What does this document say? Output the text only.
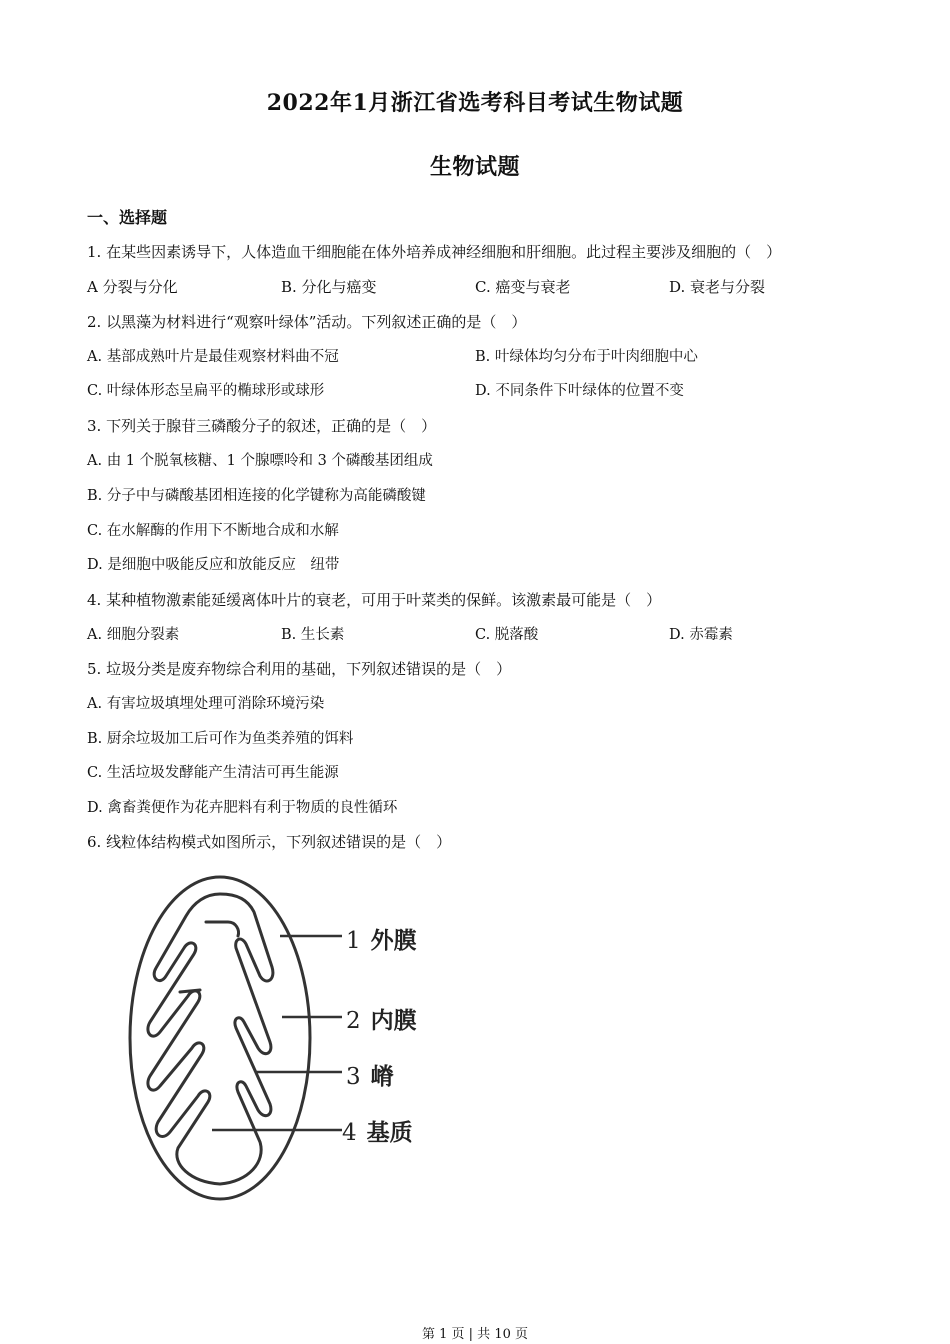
2022年1月浙江省选考科目考试生物试题
生物试题
一、选择题
1. 在某些因素诱导下，人体造血干细胞能在体外培养成神经细胞和肝细胞。此过程主要涉及细胞的（　）
A 分裂与分化	B. 分化与癌变	C. 癌变与衰老	D. 衰老与分裂
2. 以黑藻为材料进行“观察叶绿体”活动。下列叙述正确的是（　）
A. 基部成熟叶片是最佳观察材料曲不冠	B. 叶绿体均匀分布于叶肉细胞中心
C. 叶绿体形态呈扁平的椭球形或球形	D. 不同条件下叶绿体的位置不变
3. 下列关于腺苷三磷酸分子的叙述，正确的是（　）
A. 由 1 个脱氧核糖、1 个腺嘌呤和 3 个磷酸基团组成
B. 分子中与磷酸基团相连接的化学键称为高能磷酸键
C. 在水解酶的作用下不断地合成和水解
D. 是细胞中吸能反应和放能反应　纽带
4. 某种植物激素能延缓离体叶片的衰老，可用于叶菜类的保鲜。该激素最可能是（　）
A. 细胞分裂素	B. 生长素	C. 脱落酸	D. 赤霉素
5. 垃圾分类是废弃物综合利用的基础，下列叙述错误的是（　）
A. 有害垃圾填埋处理可消除环境污染
B. 厨余垃圾加工后可作为鱼类养殖的饵料
C. 生活垃圾发酵能产生清洁可再生能源
D. 禽畜粪便作为花卉肥料有利于物质的良性循环
6. 线粒体结构模式如图所示，下列叙述错误的是（　）
1 外膜
2 内膜
3 嵴
4 基质
第 1 页 | 共 10 页
